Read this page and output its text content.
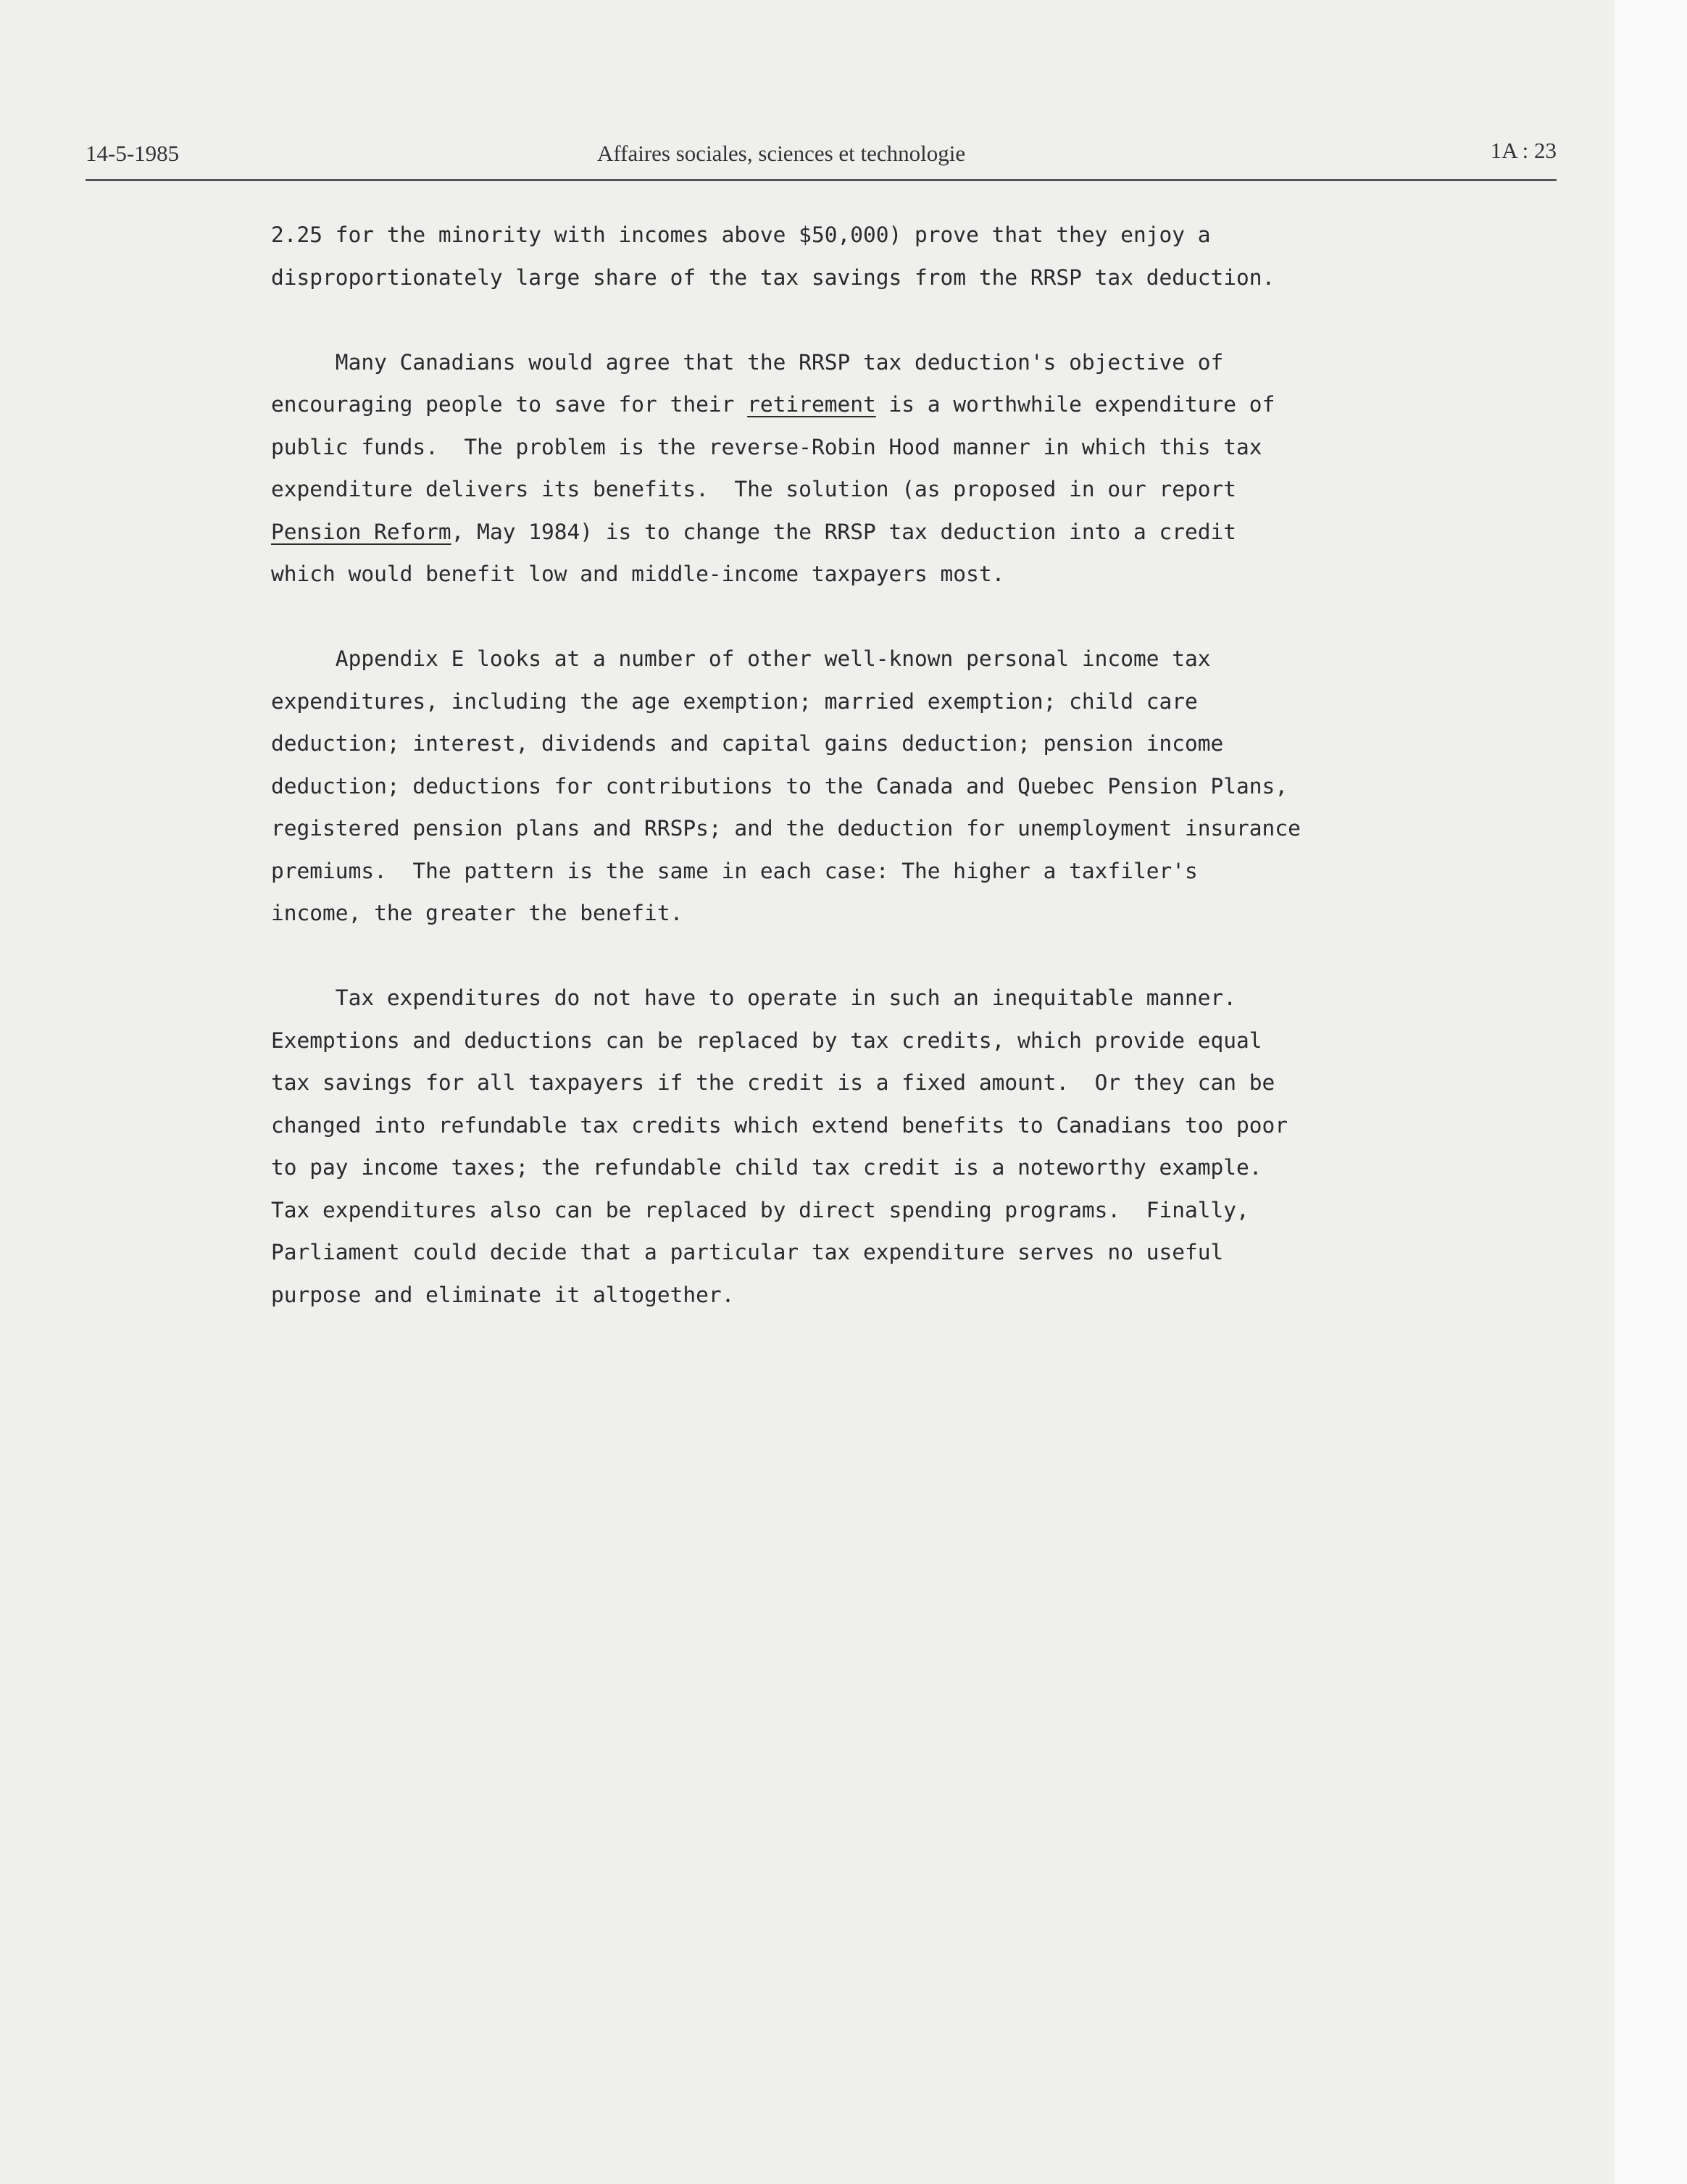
14-5-1985	Affaires sociales, sciences et technologie	1A : 23
2.25 for the minority with incomes above $50,000) prove that they enjoy a
disproportionately large share of the tax savings from the RRSP tax deduction.
Many Canadians would agree that the RRSP tax deduction's objective of
encouraging people to save for their retirement is a worthwhile expenditure of
public funds.  The problem is the reverse-Robin Hood manner in which this tax
expenditure delivers its benefits.  The solution (as proposed in our report
Pension Reform, May 1984) is to change the RRSP tax deduction into a credit
which would benefit low and middle-income taxpayers most.
Appendix E looks at a number of other well-known personal income tax
expenditures, including the age exemption; married exemption; child care
deduction; interest, dividends and capital gains deduction; pension income
deduction; deductions for contributions to the Canada and Quebec Pension Plans,
registered pension plans and RRSPs; and the deduction for unemployment insurance
premiums.  The pattern is the same in each case: The higher a taxfiler's
income, the greater the benefit.
Tax expenditures do not have to operate in such an inequitable manner.
Exemptions and deductions can be replaced by tax credits, which provide equal
tax savings for all taxpayers if the credit is a fixed amount.  Or they can be
changed into refundable tax credits which extend benefits to Canadians too poor
to pay income taxes; the refundable child tax credit is a noteworthy example.
Tax expenditures also can be replaced by direct spending programs.  Finally,
Parliament could decide that a particular tax expenditure serves no useful
purpose and eliminate it altogether.
